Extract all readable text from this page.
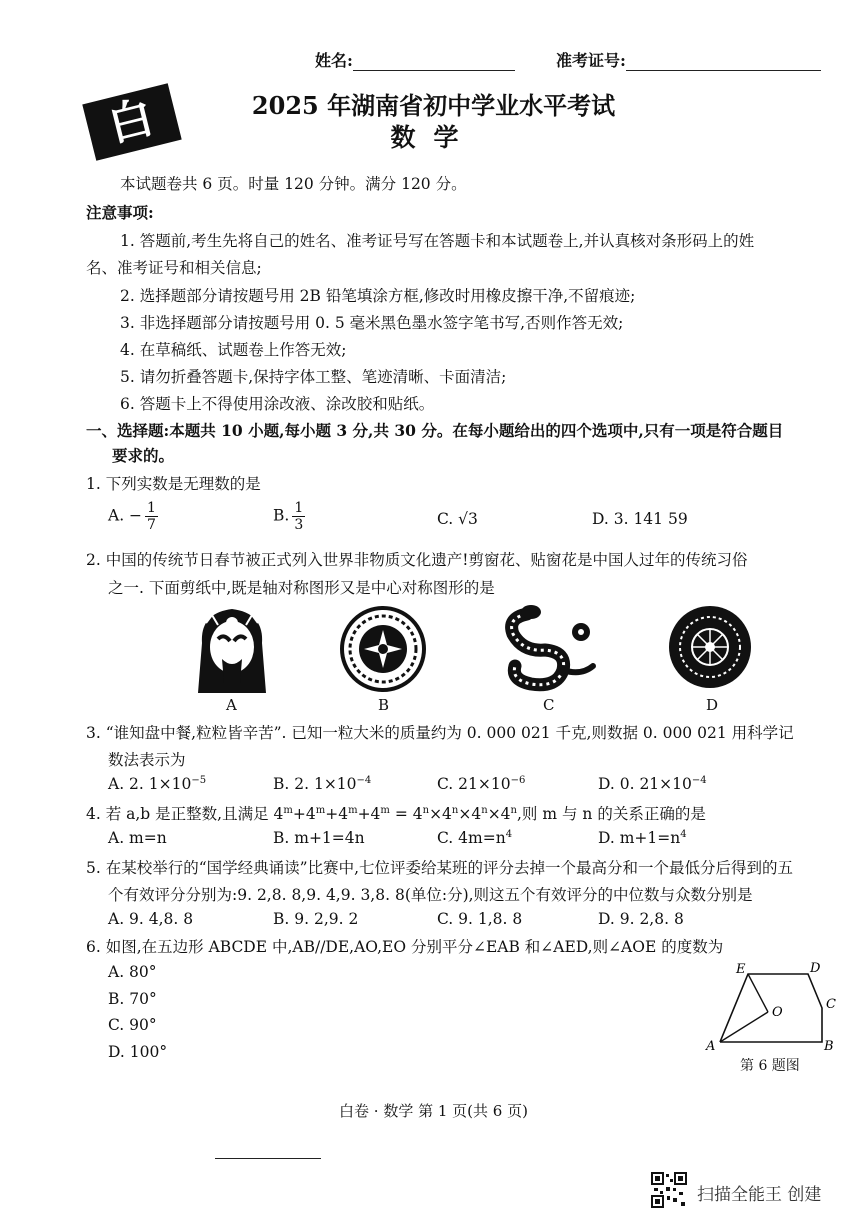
姓名:	准考证号:
白卷
2025 年湖南省初中学业水平考试
数学
本试题卷共 6 页。时量 120 分钟。满分 120 分。
注意事项:
1. 答题前,考生先将自己的姓名、准考证号写在答题卡和本试题卷上,并认真核对条形码上的姓
名、准考证号和相关信息;
2. 选择题部分请按题号用 2B 铅笔填涂方框,修改时用橡皮擦干净,不留痕迹;
3. 非选择题部分请按题号用 0. 5 毫米黑色墨水签字笔书写,否则作答无效;
4. 在草稿纸、试题卷上作答无效;
5. 请勿折叠答题卡,保持字体工整、笔迹清晰、卡面清洁;
6. 答题卡上不得使用涂改液、涂改胶和贴纸。
一、选择题:本题共 10 小题,每小题 3 分,共 30 分。在每小题给出的四个选项中,只有一项是符合题目
要求的。
1. 下列实数是无理数的是
A. − $\frac{1}{7}$	B. $\frac{1}{3}$	C. √3	D. 3. 141 59
2. 中国的传统节日春节被正式列入世界非物质文化遗产!剪窗花、贴窗花是中国人过年的传统习俗
之一. 下面剪纸中,既是轴对称图形又是中心对称图形的是
A	B	C	D
3. “谁知盘中餐,粒粒皆辛苦”. 已知一粒大米的质量约为 0. 000 021 千克,则数据 0. 000 021 用科学记
数法表示为
A. 2. $1\times 10^{-5}$	B. 2. $1\times 10^{-4}$	C. $21\times 10^{-6}$	D. 0. $21\times 10^{-4}$
4. 若 a,b 是正整数,且满足 $4^m+4^m+4^m+4^m = 4^n\times 4^n\times 4^n\times 4^n$,则 m 与 n 的关系正确的是
A. m=n	B. m+1=4n	C. $4m=n^4$	D. $m+1=n^4$
5. 在某校举行的“国学经典诵读”比赛中,七位评委给某班的评分去掉一个最高分和一个最低分后得到的五
个有效评分分别为:9. 2,8. 8,9. 4,9. 3,8. 8(单位:分),则这五个有效评分的中位数与众数分别是
A. 9. 4,8. 8	B. 9. 2,9. 2	C. 9. 1,8. 8	D. 9. 2,8. 8
6. 如图,在五边形 ABCDE 中,AB//DE,AO,EO 分别平分∠EAB 和∠AED,则∠AOE 的度数为
A. 80°
B. 70°
C. 90°
D. 100°	A	B
C
D
E
O
第 6 题图
白卷 · 数学 第 1 页(共 6 页)
扫描全能王 创建
